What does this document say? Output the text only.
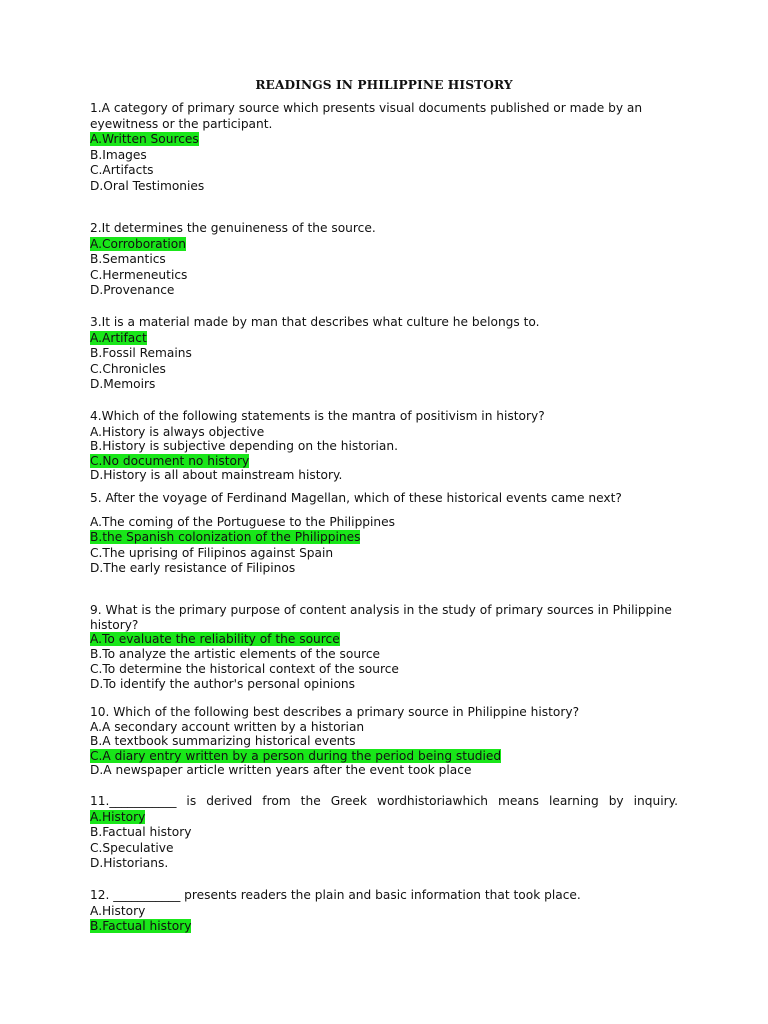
READINGS IN PHILIPPINE HISTORY
1.A category of primary source which presents visual documents published or made by an eyewitness or the participant.
A.Written Sources
B.Images
C.Artifacts
D.Oral Testimonies
2.It determines the genuineness of the source.
A.Corroboration
B.Semantics
C.Hermeneutics
D.Provenance
3.It is a material made by man that describes what culture he belongs to.
A.Artifact
B.Fossil Remains
C.Chronicles
D.Memoirs
4.Which of the following statements is the mantra of positivism in history?
A.History is always objective
B.History is subjective depending on the historian.
C.No document no history
D.History is all about mainstream history.
5. After the voyage of Ferdinand Magellan, which of these historical events came next?
A.The coming of the Portuguese to the Philippines
B.the Spanish colonization of the Philippines
C.The uprising of Filipinos against Spain
D.The early resistance of Filipinos
9. What is the primary purpose of content analysis in the study of primary sources in Philippine history?
A.To evaluate the reliability of the source
B.To analyze the artistic elements of the source
C.To determine the historical context of the source
D.To identify the author's personal opinions
10. Which of the following best describes a primary source in Philippine history?
A.A secondary account written by a historian
B.A textbook summarizing historical events
C.A diary entry written by a person during the period being studied
D.A newspaper article written years after the event took place
11.___________ is derived from the Greek wordhistoriawhich means learning by inquiry.
A.History
B.Factual history
C.Speculative
D.Historians.
12. ___________ presents readers the plain and basic information that took place.
A.History
B.Factual history
